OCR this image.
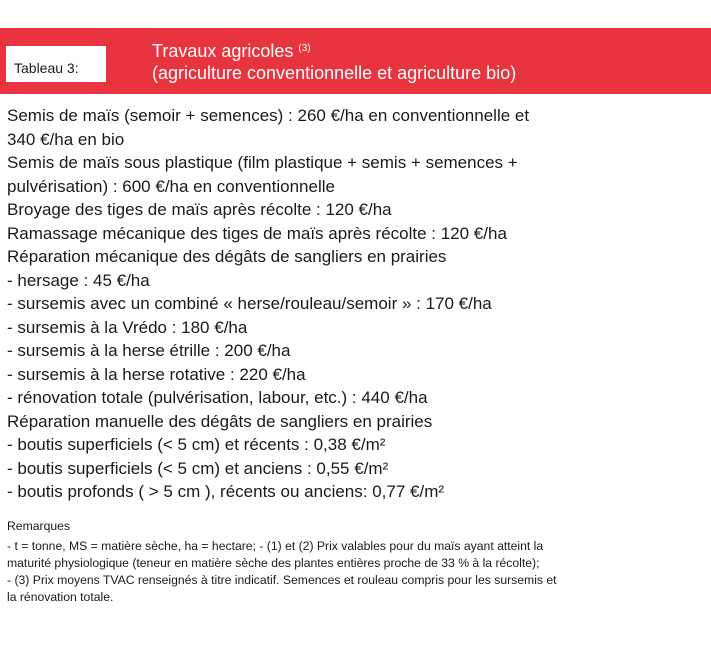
Tableau 3:
Travaux agricoles $^{(3)}$
(agriculture conventionnelle et agriculture bio)
Semis de maïs (semoir + semences) : 260 €/ha en conventionnelle et
340 €/ha en bio
Semis de maïs sous plastique (film plastique + semis + semences +
pulvérisation) : 600 €/ha en conventionnelle
Broyage des tiges de maïs après récolte : 120 €/ha
Ramassage mécanique des tiges de maïs après récolte : 120 €/ha
Réparation mécanique des dégâts de sangliers en prairies
- hersage : 45 €/ha
- sursemis avec un combiné « herse/rouleau/semoir » : 170 €/ha
- sursemis à la Vrédo : 180 €/ha
- sursemis à la herse étrille : 200 €/ha
- sursemis à la herse rotative : 220 €/ha
- rénovation totale (pulvérisation, labour, etc.) : 440 €/ha
Réparation manuelle des dégâts de sangliers en prairies
- boutis superficiels (< 5 cm) et récents : 0,38 €/m²
- boutis superficiels (< 5 cm) et anciens : 0,55 €/m²
- boutis profonds ( > 5 cm ), récents ou anciens: 0,77 €/m²
Remarques
- t = tonne, MS = matière sèche, ha = hectare; - (1) et (2) Prix valables pour du maïs ayant atteint la
maturité physiologique (teneur en matière sèche des plantes entières proche de 33 % à la récolte);
- (3) Prix moyens TVAC renseignés à titre indicatif. Semences et rouleau compris pour les sursemis et
la rénovation totale.
